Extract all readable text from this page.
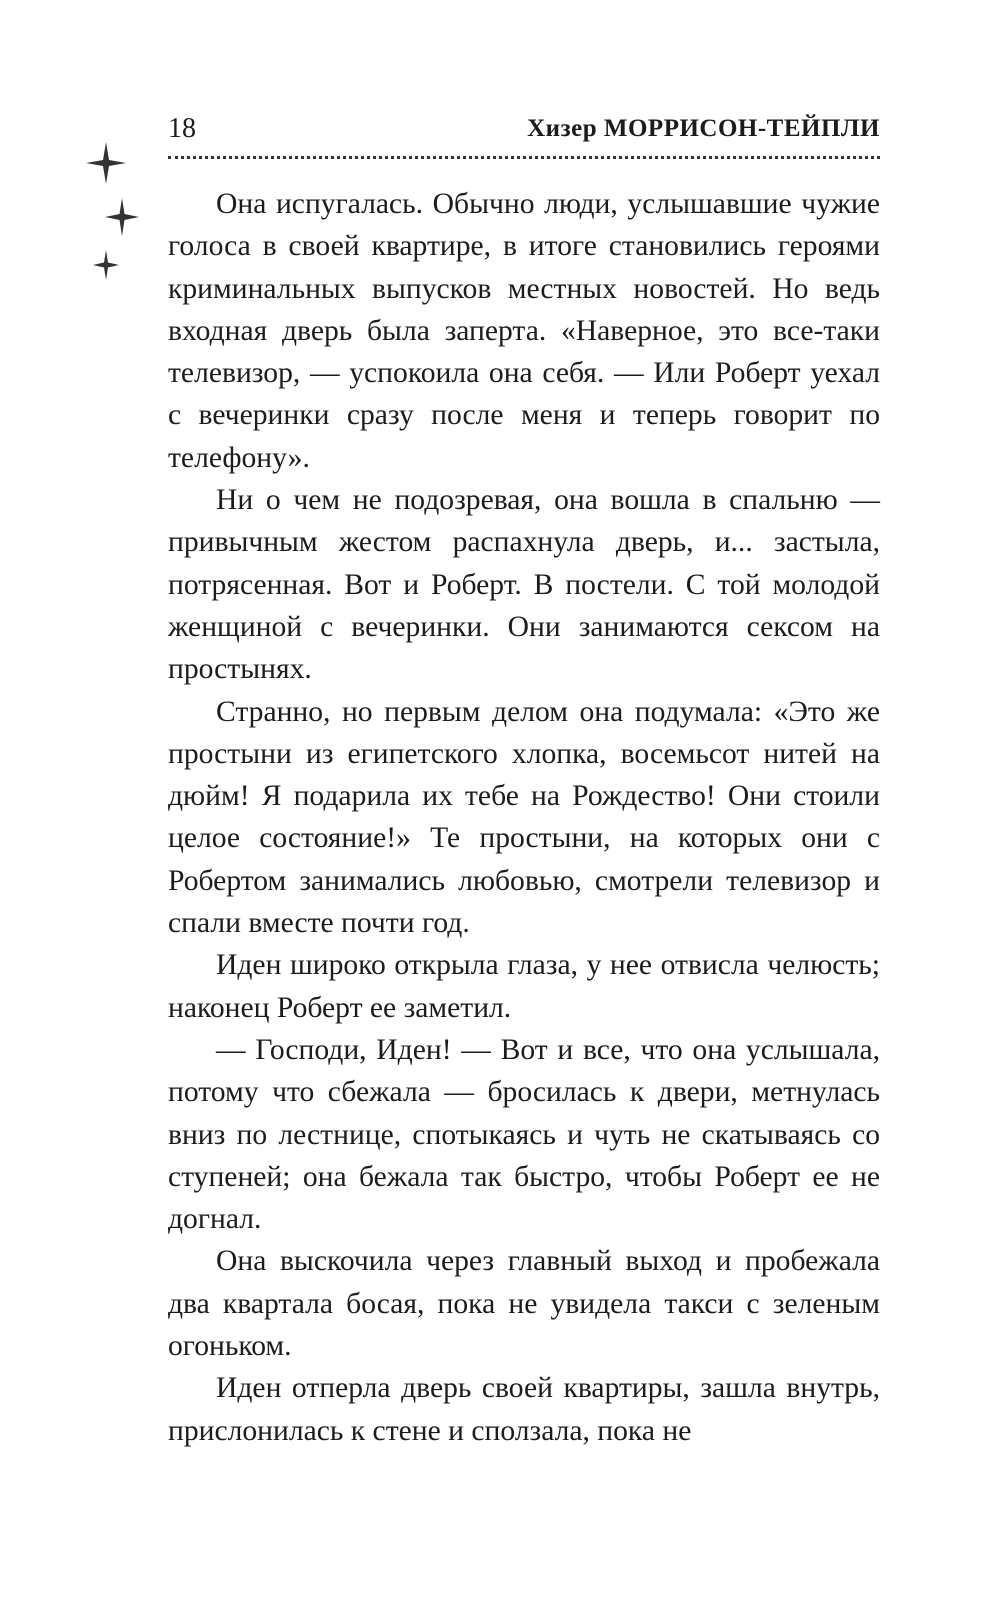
18	Хизер МОРРИСОН-ТЕЙПЛИ

Она испугалась. Обычно люди, услышавшие чужие голоса в своей квартире, в итоге становились героями криминальных выпусков местных новостей. Но ведь входная дверь была заперта. «Наверное, это все-таки телевизор, — успокоила она себя. — Или Роберт уехал с вечеринки сразу после меня и теперь говорит по телефону».

Ни о чем не подозревая, она вошла в спальню — привычным жестом распахнула дверь, и... застыла, потрясенная. Вот и Роберт. В постели. С той молодой женщиной с вечеринки. Они занимаются сексом на простынях.

Странно, но первым делом она подумала: «Это же простыни из египетского хлопка, восемьсот нитей на дюйм! Я подарила их тебе на Рождество! Они стоили целое состояние!» Те простыни, на которых они с Робертом занимались любовью, смотрели телевизор и спали вместе почти год.

Иден широко открыла глаза, у нее отвисла челюсть; наконец Роберт ее заметил.

— Господи, Иден! — Вот и все, что она услышала, потому что сбежала — бросилась к двери, метнулась вниз по лестнице, спотыкаясь и чуть не скатываясь со ступеней; она бежала так быстро, чтобы Роберт ее не догнал.

Она выскочила через главный выход и пробежала два квартала босая, пока не увидела такси с зеленым огоньком.

Иден отперла дверь своей квартиры, зашла внутрь, прислонилась к стене и сползала, пока не
